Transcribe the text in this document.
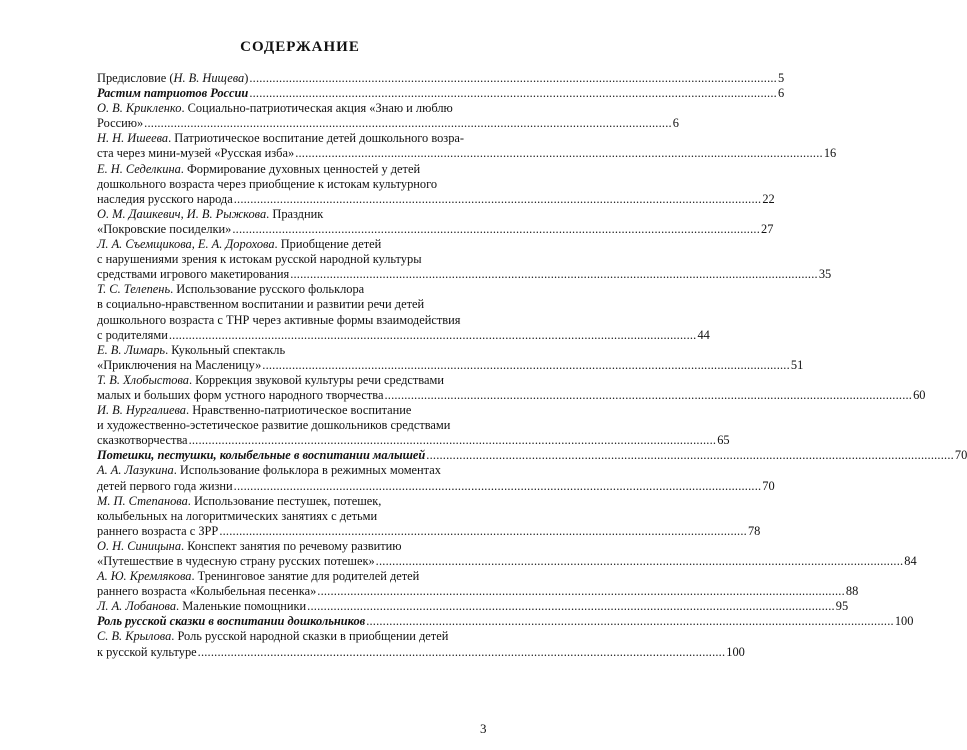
СОДЕРЖАНИЕ
Предисловие (Н. В. Нищева) .....	5
Растим патриотов России .....	6
О. В. Крикленко. Социально-патриотическая акция «Знаю и люблю
Россию» .....	6
Н. Н. Ишеева. Патриотическое воспитание детей дошкольного возра-
ста через мини-музей «Русская изба» .....	16
Е. Н. Седелкина. Формирование духовных ценностей у детей
дошкольного возраста через приобщение к истокам культурного
наследия русского народа .....	22
О. М. Дашкевич, И. В. Рыжкова. Праздник
«Покровские посиделки» .....	27
Л. А. Съемщикова, Е. А. Дорохова. Приобщение детей
с нарушениями зрения к истокам русской народной культуры
средствами игрового макетирования .....	35
Т. С. Телепень. Использование русского фольклора
в социально-нравственном воспитании и развитии речи детей
дошкольного возраста с ТНР через активные формы взаимодействия
с родителями .....	44
Е. В. Лимарь. Кукольный спектакль
«Приключения на Масленицу» .....	51
Т. В. Хлобыстова. Коррекция звуковой культуры речи средствами
малых и больших форм устного народного творчества .....	60
И. В. Нургалиева. Нравственно-патриотическое воспитание
и художественно-эстетическое развитие дошкольников средствами
сказкотворчества .....	65
Потешки, пестушки, колыбельные в воспитании малышей .....	70
А. А. Лазукина. Использование фольклора в режимных моментах
детей первого года жизни .....	70
М. П. Степанова. Использование пестушек, потешек,
колыбельных на логоритмических занятиях с детьми
раннего возраста с ЗРР .....	78
О. Н. Синицына. Конспект занятия по речевому развитию
«Путешествие в чудесную страну русских потешек» .....	84
А. Ю. Кремлякова. Тренинговое занятие для родителей детей
раннего возраста «Колыбельная песенка» .....	88
Л. А. Лобанова. Маленькие помощники .....	95
Роль русской сказки в воспитании дошкольников .....	100
С. В. Крылова. Роль русской народной сказки в приобщении детей
к русской культуре .....	100
3
